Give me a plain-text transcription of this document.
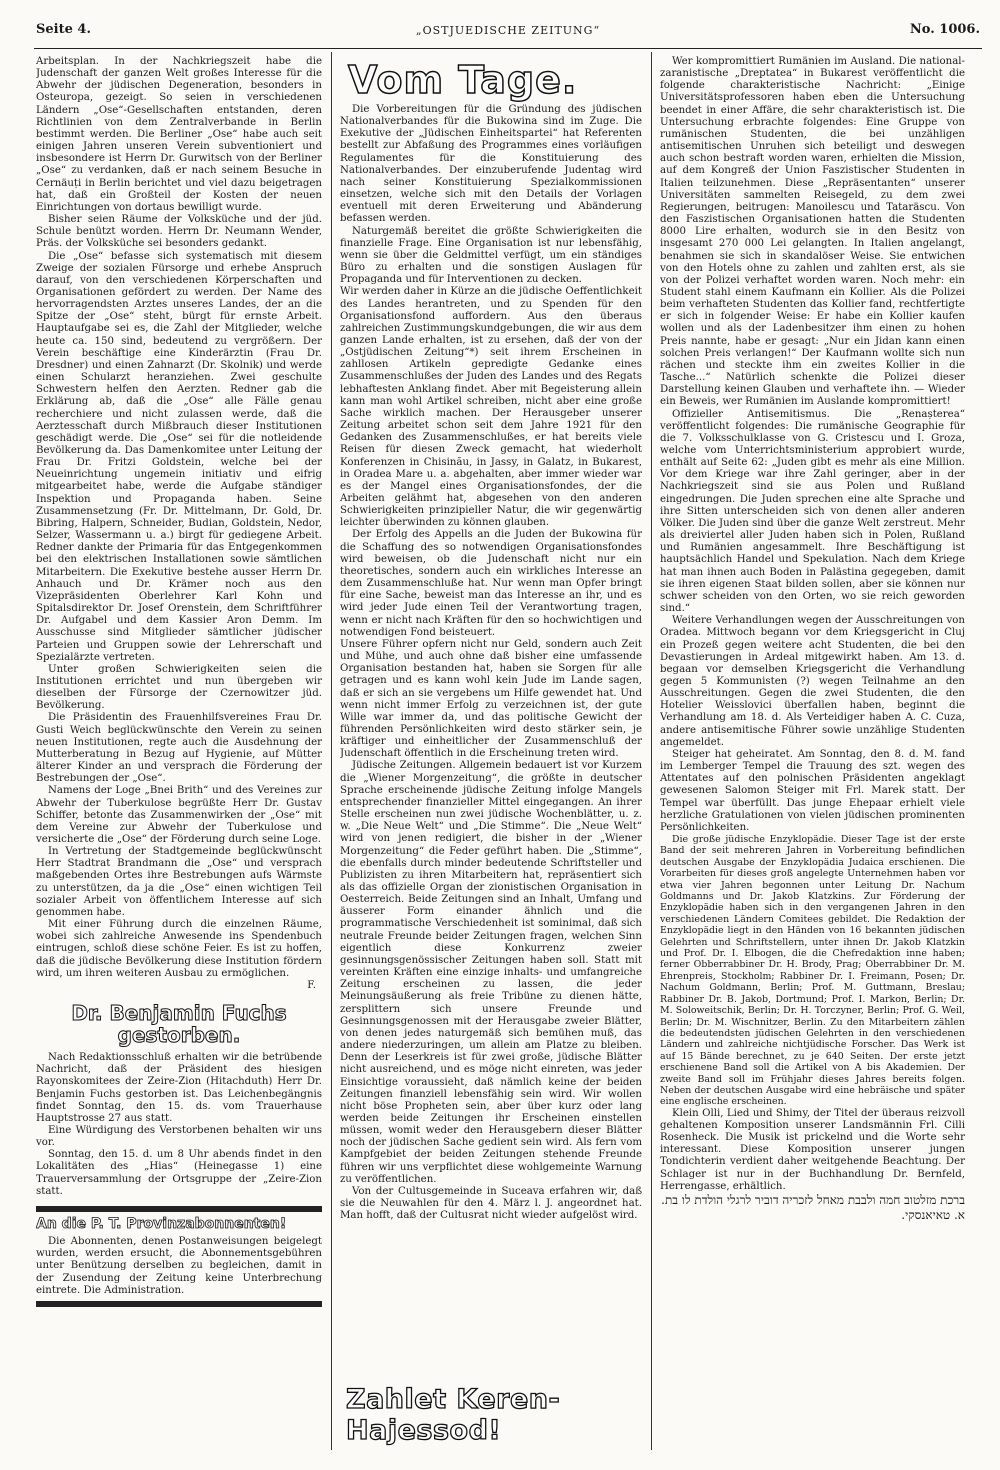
Seite 4.	„OSTJUEDISCHE ZEITUNG“	No. 1006.

Arbeitsplan. In der Nachkriegszeit habe die Judenschaft der ganzen Welt großes Interesse für die Abwehr der jüdischen Degeneration, besonders in Osteuropa, gezeigt. So seien in verschiedenen Ländern „Ose“-Gesellschaften entstanden, deren Richtlinien von dem Zentralverbande in Berlin bestimmt werden. Die Berliner „Ose“ habe auch seit einigen Jahren unseren Verein subventioniert und insbesondere ist Herrn Dr. Gurwitsch von der Berliner „Ose“ zu verdanken, daß er nach seinem Besuche in Cernäuți in Berlin berichtet und viel dazu beigetragen hat, daß ein Großteil der Kosten der neuen Einrichtungen von dortaus bewilligt wurde.

Bisher seien Räume der Volksküche und der jüd. Schule benützt worden. Herrn Dr. Neumann Wender, Präs. der Volksküche sei besonders gedankt.

Die „Ose“ befasse sich systematisch mit diesem Zweige der sozialen Fürsorge und erhebe Anspruch darauf, von den verschiedenen Körperschaften und Organisationen gefördert zu werden. Der Name des hervorragendsten Arztes unseres Landes, der an die Spitze der „Ose“ steht, bürgt für ernste Arbeit. Hauptaufgabe sei es, die Zahl der Mitglieder, welche heute ca. 150 sind, bedeutend zu vergrößern. Der Verein beschäftige eine Kinderärztin (Frau Dr. Dresdner) und einen Zahnarzt (Dr. Skolnik) und werde einen Schularzt heranziehen. Zwei geschulte Schwestern helfen den Aerzten. Redner gab die Erklärung ab, daß die „Ose“ alle Fälle genau recherchiere und nicht zulassen werde, daß die Aerztesschaft durch Mißbrauch dieser Institutionen geschädigt werde. Die „Ose“ sei für die notleidende Bevölkerung da. Das Damenkomitee unter Leitung der Frau Dr. Fritzi Goldstein, welche bei der Neueinrichtung ungemein initiativ und eifrig mitgearbeitet habe, werde die Aufgabe ständiger Inspektion und Propaganda haben. Seine Zusammensetzung (Fr. Dr. Mittelmann, Dr. Gold, Dr. Bibring, Halpern, Schneider, Budian, Goldstein, Nedor, Selzer, Wassermann u. a.) birgt für gediegene Arbeit. Redner dankte der Primaria für das Entgegenkommen bei den elektrischen Installationen sowie sämtlichen Mitarbeitern. Die Exekutive bestehe ausser Herrn Dr. Anhauch und Dr. Krämer noch aus den Vizepräsidenten Oberlehrer Karl Kohn und Spitalsdirektor Dr. Josef Orenstein, dem Schriftführer Dr. Aufgabel und dem Kassier Aron Demm. Im Ausschusse sind Mitglieder sämtlicher jüdischer Parteien und Gruppen sowie der Lehrerschaft und Spezialärzte vertreten.

Unter großen Schwierigkeiten seien die Institutionen errichtet und nun übergeben wir dieselben der Fürsorge der Czernowitzer jüd. Bevölkerung.

Die Präsidentin des Frauenhilfsvereines Frau Dr. Gusti Weich beglückwünschte den Verein zu seinen neuen Institutionen, regte auch die Ausdehnung der Mutterberatung in Bezug auf Hygienie, auf Mütter älterer Kinder an und versprach die Förderung der Bestrebungen der „Ose“.

Namens der Loge „Bnei Brith“ und des Vereines zur Abwehr der Tuberkulose begrüßte Herr Dr. Gustav Schiffer, betonte das Zusammenwirken der „Ose“ mit dem Vereine zur Abwehr der Tuberkulose und versicherte die „Ose“ der Förderung durch seine Loge.

In Vertretung der Stadtgemeinde beglückwünscht Herr Stadtrat Brandmann die „Ose“ und versprach maßgebenden Ortes ihre Bestrebungen aufs Wärmste zu unterstützen, da ja die „Ose“ einen wichtigen Teil sozialer Arbeit von öffentlichem Interesse auf sich genommen habe.

Mit einer Führung durch die einzelnen Räume, wobei sich zahlreiche Anwesende ins Spendenbuch eintrugen, schloß diese schöne Feier. Es ist zu hoffen, daß die jüdische Bevölkerung diese Institution fördern wird, um ihren weiteren Ausbau zu ermöglichen.

F.

Dr. Benjamin Fuchs gestorben.

Nach Redaktionsschluß erhalten wir die betrübende Nachricht, daß der Präsident des hiesigen Rayonskomitees der Zeire-Zion (Hitachduth) Herr Dr. Benjamin Fuchs gestorben ist. Das Leichenbegängnis findet Sonntag, den 15. ds. vom Trauerhause Hauptstrosse 27 aus statt.

Eine Würdigung des Verstorbenen behalten wir uns vor.

Sonntag, den 15. d. um 8 Uhr abends findet in den Lokalitäten des „Hias“ (Heinegasse 1) eine Trauerversammlung der Ortsgruppe der „Zeire-Zion statt.

An die P. T. Provinzabonnenten!

Die Abonnenten, denen Postanweisungen beigelegt wurden, werden ersucht, die Abonnementsgebühren unter Benützung derselben zu begleichen, damit in der Zusendung der Zeitung keine Unterbrechung eintrete. Die Administration.

Vom Tage.

Die Vorbereitungen für die Gründung des jüdischen Nationalverbandes für die Bukowina sind im Zuge. Die Exekutive der „Jüdischen Einheitspartei“ hat Referenten bestellt zur Abfaßung des Programmes eines vorläufigen Regulamentes für die Konstituierung des Nationalverbandes. Der einzuberufende Judentag wird nach seiner Konstituierung Spezialkommissionen einsetzen, welche sich mit den Details der Vorlagen eventuell mit deren Erweiterung und Abänderung befassen werden.

Naturgemäß bereitet die größte Schwierigkeiten die finanzielle Frage. Eine Organisation ist nur lebensfähig, wenn sie über die Geldmittel verfügt, um ein ständiges Büro zu erhalten und die sonstigen Auslagen für Propaganda und für Interventionen zu decken.

Wir werden daher in Kürze an die jüdische Oeffentlichkeit des Landes herantreten, und zu Spenden für den Organisationsfond auffordern. Aus den überaus zahlreichen Zustimmungskundgebungen, die wir aus dem ganzen Lande erhalten, ist zu ersehen, daß der von der „Ostjüdischen Zeitung“*) seit ihrem Erscheinen in zahllosen Artikeln gepredigte Gedanke eines Zusammenschlußes der Juden des Landes und des Regats lebhaftesten Anklang findet. Aber mit Begeisterung allein kann man wohl Artikel schreiben, nicht aber eine große Sache wirklich machen. Der Herausgeber unserer Zeitung arbeitet schon seit dem Jahre 1921 für den Gedanken des Zusammenschlußes, er hat bereits viele Reisen für diesen Zweck gemacht, hat wiederholt Konferenzen in Chisinău, in Jassy, in Galatz, in Bukarest, in Oradea Mare u. a. abgehalten, aber immer wieder war es der Mangel eines Organisationsfondes, der die Arbeiten gelähmt hat, abgesehen von den anderen Schwierigkeiten prinzipieller Natur, die wir gegenwärtig leichter überwinden zu können glauben.

Der Erfolg des Appells an die Juden der Bukowina für die Schaffung des so notwendigen Organisationsfondes wird beweisen, ob die Judenschaft nicht nur ein theoretisches, sondern auch ein wirkliches Interesse an dem Zusammenschluße hat. Nur wenn man Opfer bringt für eine Sache, beweist man das Interesse an ihr, und es wird jeder Jude einen Teil der Verantwortung tragen, wenn er nicht nach Kräften für den so hochwichtigen und notwendigen Fond beisteuert.

Unsere Führer opfern nicht nur Geld, sondern auch Zeit und Mühe, und auch ohne daß bisher eine umfassende Organisation bestanden hat, haben sie Sorgen für alle getragen und es kann wohl kein Jude im Lande sagen, daß er sich an sie vergebens um Hilfe gewendet hat. Und wenn nicht immer Erfolg zu verzeichnen ist, der gute Wille war immer da, und das politische Gewicht der führenden Persönlichkeiten wird desto stärker sein, je kräftiger und einheitlicher der Zusammenschluß der Judenschaft öffentlich in die Erscheinung treten wird.

Jüdische Zeitungen. Allgemein bedauert ist vor Kurzem die „Wiener Morgenzeitung“, die größte in deutscher Sprache erscheinende jüdische Zeitung infolge Mangels entsprechender finanzieller Mittel eingegangen. An ihrer Stelle erscheinen nun zwei jüdische Wochenblätter, u. z. w. „Die Neue Welt“ und „Die Stimme“. Die „Neue Welt“ wird von jenen redigiert, die bisher in der „Wiener Morgenzeitung“ die Feder geführt haben. Die „Stimme“, die ebenfalls durch minder bedeutende Schriftsteller und Publizisten zu ihren Mitarbeitern hat, repräsentiert sich als das offizielle Organ der zionistischen Organisation in Oesterreich. Beide Zeitungen sind an Inhalt, Umfang und äusserer Form einander ähnlich und die programmatische Verschiedenheit ist sominimal, daß sich neutrale Freunde beider Zeitungen fragen, welchen Sinn eigentlich diese Konkurrenz zweier gesinnungsgenössischer Zeitungen haben soll. Statt mit vereinten Kräften eine einzige inhalts- und umfangreiche Zeitung erscheinen zu lassen, die jeder Meinungsäußerung als freie Tribüne zu dienen hätte, zersplittern sich unsere Freunde und Gesinnungsgenossen mit der Herausgabe zweier Blätter, von denen jedes naturgemäß sich bemühen muß, das andere niederzuringen, um allein am Platze zu bleiben. Denn der Leserkreis ist für zwei große, jüdische Blätter nicht ausreichend, und es möge nicht einreten, was jeder Einsichtige voraussieht, daß nämlich keine der beiden Zeitungen finanziell lebensfähig sein wird. Wir wollen nicht böse Propheten sein, aber über kurz oder lang werden beide Zeitungen ihr Erscheinen einstellen müssen, womit weder den Herausgebern dieser Blätter noch der jüdischen Sache gedient sein wird. Als fern vom Kampfgebiet der beiden Zeitungen stehende Freunde führen wir uns verpflichtet diese wohlgemeinte Warnung zu veröffentlichen.

Von der Cultusgemeinde in Suceava erfahren wir, daß sie die Neuwahlen für den 4. März l. J. angeordnet hat. Man hofft, daß der Cultusrat nicht wieder aufgelöst wird.

Zahlet Keren-Hajessod!

Wer kompromittiert Rumänien im Ausland. Die national-zaranistische „Dreptatea“ in Bukarest veröffentlicht die folgende charakteristische Nachricht: „Einige Universitätsprofessoren haben eben die Untersuchung beendet in einer Affäre, die sehr charakteristisch ist. Die Untersuchung erbrachte folgendes: Eine Gruppe von rumänischen Studenten, die bei unzähligen antisemitischen Unruhen sich beteiligt und deswegen auch schon bestraft worden waren, erhielten die Mission, auf dem Kongreß der Union Faszistischer Studenten in Italien teilzunehmen. Diese „Repräsentanten“ unserer Universitäten sammelten Reisegeld, zu dem zwei Regierungen, beitrugen: Manoilescu und Tataräscu. Von den Faszistischen Organisationen hatten die Studenten 8000 Lire erhalten, wodurch sie in den Besitz von insgesamt 270 000 Lei gelangten. In Italien angelangt, benahmen sie sich in skandalöser Weise. Sie entwichen von den Hotels ohne zu zahlen und zahlten erst, als sie von der Polizei verhaftet worden waren. Noch mehr: ein Student stahl einem Kaufmann ein Kollier. Als die Polizei beim verhafteten Studenten das Kollier fand, rechtfertigte er sich in folgender Weise: Er habe ein Kollier kaufen wollen und als der Ladenbesitzer ihm einen zu hohen Preis nannte, habe er gesagt: „Nur ein Jidan kann einen solchen Preis verlangen!“ Der Kaufmann wollte sich nun rächen und steckte ihm ein zweites Kollier in die Tasche...“ Natürlich schenkte die Polizei dieser Darstellung keinen Glauben und verhaftete ihn. — Wieder ein Beweis, wer Rumänien im Auslande kompromittiert!

Offizieller Antisemitismus. Die „Renașterea“ veröffentlicht folgendes: Die rumänische Geographie für die 7. Volksschulklasse von G. Cristescu und I. Groza, welche vom Unterrichtsministerium approbiert wurde, enthält auf Seite 62: „Juden gibt es mehr als eine Million. Vor dem Kriege war ihre Zahl geringer, aber in der Nachkriegszeit sind sie aus Polen und Rußland eingedrungen. Die Juden sprechen eine alte Sprache und ihre Sitten unterscheiden sich von denen aller anderen Völker. Die Juden sind über die ganze Welt zerstreut. Mehr als dreiviertel aller Juden haben sich in Polen, Rußland und Rumänien angesammelt. Ihre Beschäftigung ist hauptsächlich Handel und Spekulation. Nach dem Kriege hat man ihnen auch Boden in Palästina gegegeben, damit sie ihren eigenen Staat bilden sollen, aber sie können nur schwer scheiden von den Orten, wo sie reich geworden sind.“

Weitere Verhandlungen wegen der Ausschreitungen von Oradea. Mittwoch begann vor dem Kriegsgericht in Cluj ein Prozeß gegen weitere acht Studenten, die bei den Devastierungen in Ardeal mitgewirkt haben. Am 13. d. begaan vor demselben Kriegsgericht die Verhandlung gegen 5 Kommunisten (?) wegen Teilnahme an den Ausschreitungen. Gegen die zwei Studenten, die den Hotelier Weisslovici überfallen haben, beginnt die Verhandlung am 18. d. Als Verteidiger haben A. C. Cuza, andere antisemitische Führer sowie unzählige Studenten angemeldet.

Steiger hat geheiratet. Am Sonntag, den 8. d. M. fand im Lemberger Tempel die Trauung des szt. wegen des Attentates auf den polnischen Präsidenten angeklagt gewesenen Salomon Steiger mit Frl. Marek statt. Der Tempel war überfüllt. Das junge Ehepaar erhielt viele herzliche Gratulationen von vielen jüdischen prominenten Persönlichkeiten.

Die große jüdische Enzyklopädie. Dieser Tage ist der erste Band der seit mehreren Jahren in Vorbereitung befindlichen deutschen Ausgabe der Enzyklopädia Judaica erschienen. Die Vorarbeiten für dieses groß angelegte Unternehmen haben vor etwa vier Jahren begonnen unter Leitung Dr. Nachum Goldmanns und Dr. Jakob Klatzkins. Zur Förderung der Enzyklopädie haben sich in den vergangenen Jahren in den verschiedenen Ländern Comitees gebildet. Die Redaktion der Enzyklopädie liegt in den Händen von 16 bekannten jüdischen Gelehrten und Schriftstellern, unter ihnen Dr. Jakob Klatzkin und Prof. Dr. I. Elbogen, die die Chefredaktion inne haben; ferner Obberrabbiner Dr. H. Brody, Prag; Oberrabbiner Dr. M. Ehrenpreis, Stockholm; Rabbiner Dr. I. Freimann, Posen; Dr. Nachum Goldmann, Berlin; Prof. M. Guttmann, Breslau; Rabbiner Dr. B. Jakob, Dortmund; Prof. I. Markon, Berlin; Dr. M. Soloweitschik, Berlin; Dr. H. Torczyner, Berlin; Prof. G. Weil, Berlin; Dr. M. Wischnitzer, Berlin. Zu den Mitarbeitern zählen die bedeutendsten jüdischen Gelehrten in den verschiedenen Ländern und zahlreiche nichtjüdische Forscher. Das Werk ist auf 15 Bände berechnet, zu je 640 Seiten. Der erste jetzt erschienene Band soll die Artikel von A bis Akademien. Der zweite Band soll im Frühjahr dieses Jahres bereits folgen. Neben der deutschen Ausgabe wird eine hebräische und später eine englische erscheinen.

Klein Olli, Lied und Shimy, der Titel der überaus reizvoll gehaltenen Komposition unserer Landsmännin Frl. Cilli Rosenheck. Die Musik ist prickelnd und die Worte sehr interessant. Diese Komposition unserer jungen Tondichterin verdient daher weitgehende Beachtung. Der Schlager ist nur in der Buchhandlung Dr. Bernfeld, Herrengasse, erhältlich.

ברכת מזלטוב חמה ולבבת מאחל לזכריה דוביר לרגלי הולדת לו בת. א. טאיאנסקי.
